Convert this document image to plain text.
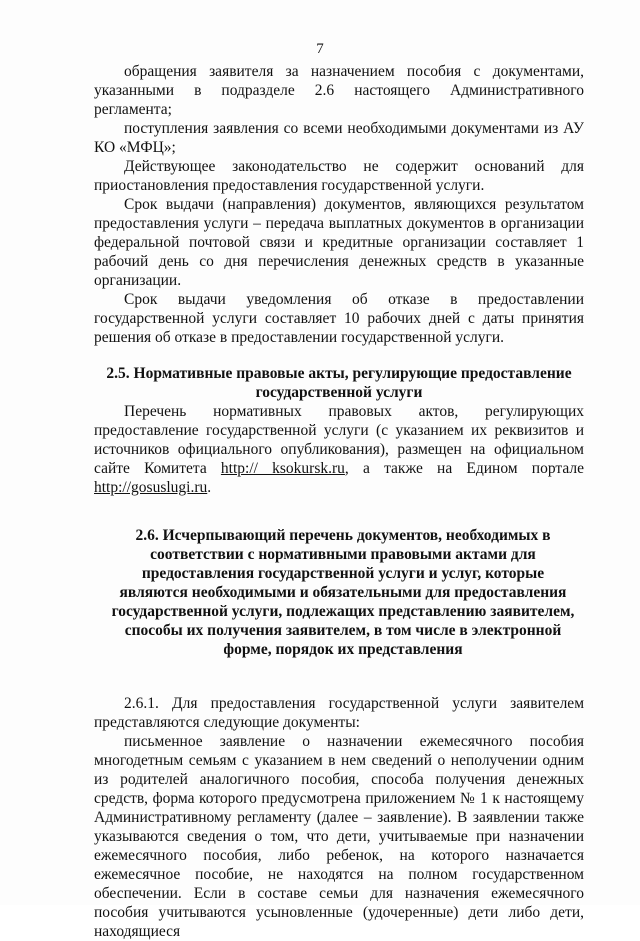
7

обращения заявителя за назначением пособия с документами, указанными в подразделе 2.6 настоящего Административного регламента;

поступления заявления со всеми необходимыми документами из АУ КО «МФЦ»;

Действующее законодательство не содержит оснований для приостановления предоставления государственной услуги.

Срок выдачи (направления) документов, являющихся результатом предоставления услуги – передача выплатных документов в организации федеральной почтовой связи и кредитные организации составляет 1 рабочий день со дня перечисления денежных средств в указанные организации.

Срок выдачи уведомления об отказе в предоставлении государственной услуги составляет 10 рабочих дней с даты принятия решения об отказе в предоставлении государственной услуги.

2.5. Нормативные правовые акты, регулирующие предоставление государственной услуги

Перечень нормативных правовых актов, регулирующих предоставление государственной услуги (с указанием их реквизитов и источников официального опубликования), размещен на официальном сайте Комитета http:// ksokursk.ru, а также на Едином портале http://gosuslugi.ru.

2.6. Исчерпывающий перечень документов, необходимых в соответствии с нормативными правовыми актами для предоставления государственной услуги и услуг, которые являются необходимыми и обязательными для предоставления государственной услуги, подлежащих представлению заявителем, способы их получения заявителем, в том числе в электронной форме, порядок их представления

2.6.1. Для предоставления государственной услуги заявителем представляются следующие документы:

письменное заявление о назначении ежемесячного пособия многодетным семьям с указанием в нем сведений о неполучении одним из родителей аналогичного пособия, способа получения денежных средств, форма которого предусмотрена приложением № 1 к настоящему Административному регламенту (далее – заявление). В заявлении также указываются сведения о том, что дети, учитываемые при назначении ежемесячного пособия, либо ребенок, на которого назначается ежемесячное пособие, не находятся на полном государственном обеспечении. Если в составе семьи для назначения ежемесячного пособия учитываются усыновленные (удочеренные) дети либо дети, находящиеся
